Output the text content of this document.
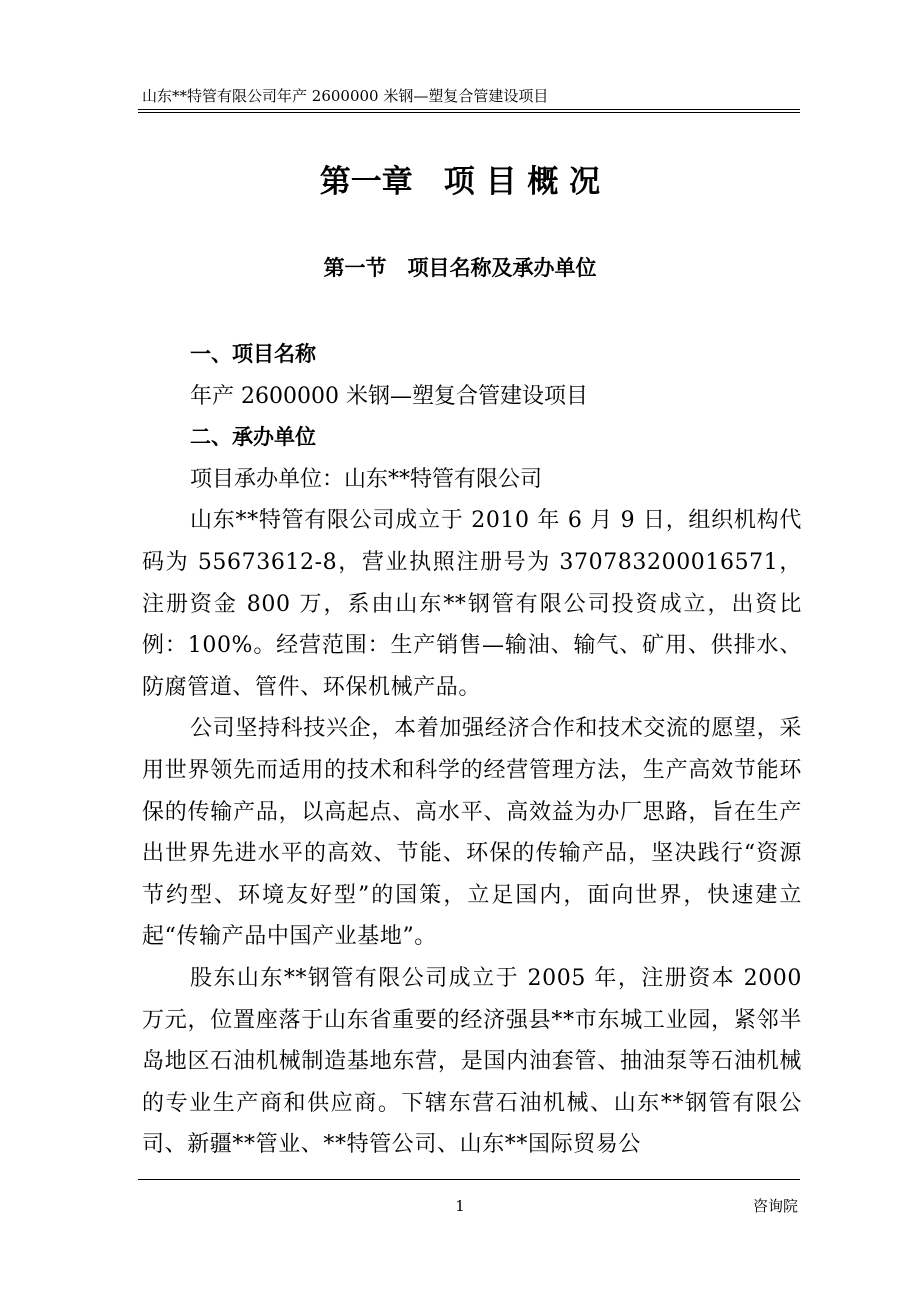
山东**特管有限公司年产 2600000 米钢—塑复合管建设项目
第一章　项 目 概 况
第一节　项目名称及承办单位

一、项目名称

年产 2600000 米钢—塑复合管建设项目

二、承办单位

项目承办单位：山东**特管有限公司

山东**特管有限公司成立于 2010 年 6 月 9 日，组织机构代码为 55673612-8，营业执照注册号为 370783200016571，注册资金 800 万，系由山东**钢管有限公司投资成立，出资比例：100%。经营范围：生产销售—输油、输气、矿用、供排水、防腐管道、管件、环保机械产品。

公司坚持科技兴企，本着加强经济合作和技术交流的愿望，采用世界领先而适用的技术和科学的经营管理方法，生产高效节能环保的传输产品，以高起点、高水平、高效益为办厂思路，旨在生产出世界先进水平的高效、节能、环保的传输产品，坚决践行“资源节约型、环境友好型”的国策，立足国内，面向世界，快速建立起“传输产品中国产业基地”。

股东山东**钢管有限公司成立于 2005 年，注册资本 2000 万元，位置座落于山东省重要的经济强县**市东城工业园，紧邻半岛地区石油机械制造基地东营，是国内油套管、抽油泵等石油机械的专业生产商和供应商。下辖东营石油机械、山东**钢管有限公司、新疆**管业、**特管公司、山东**国际贸易公

1	咨询院
